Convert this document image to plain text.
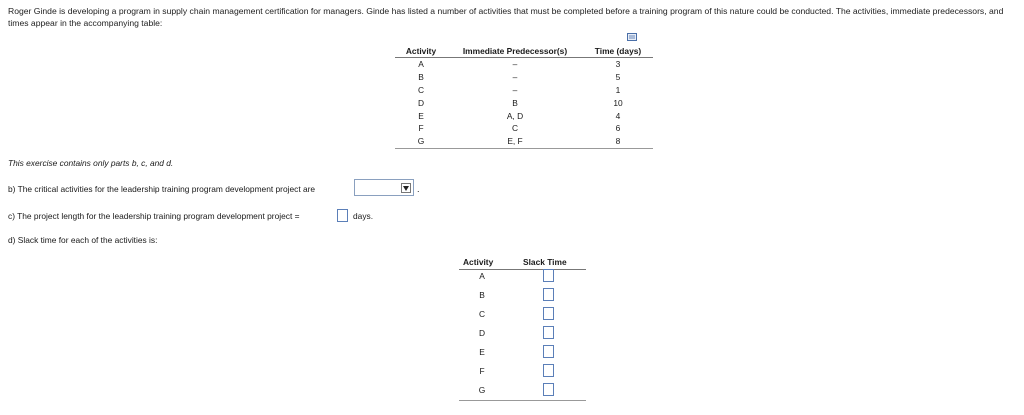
Roger Ginde is developing a program in supply chain management certification for managers. Ginde has listed a number of activities that must be completed before a training program of this nature could be conducted. The activities, immediate predecessors, and times appear in the accompanying table:
Activity	Immediate Predecessor(s)	Time (days)
A	–	3
B	–	5
C	–	1
D	B	10
E	A, D	4
F	C	6
G	E, F	8
This exercise contains only parts b, c, and d.
b) The critical activities for the leadership training program development project are	.
c) The project length for the leadership training program development project =	days.
d) Slack time for each of the activities is:
Activity	Slack Time
A
B
C
D
E
F
G
